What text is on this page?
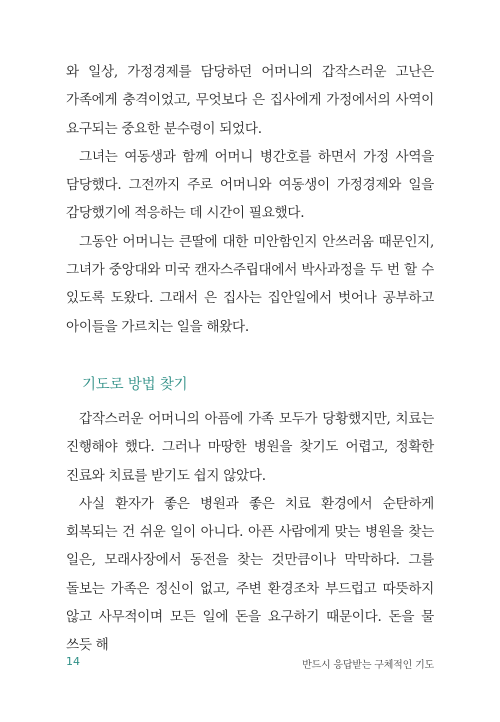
와 일상, 가정경제를 담당하던 어머니의 갑작스러운 고난은 가족에게 충격이었고, 무엇보다 은 집사에게 가정에서의 사역이 요구되는 중요한 분수령이 되었다.

그녀는 여동생과 함께 어머니 병간호를 하면서 가정 사역을 담당했다. 그전까지 주로 어머니와 여동생이 가정경제와 일을 감당했기에 적응하는 데 시간이 필요했다.

그동안 어머니는 큰딸에 대한 미안함인지 안쓰러움 때문인지, 그녀가 중앙대와 미국 캔자스주립대에서 박사과정을 두 번 할 수 있도록 도왔다. 그래서 은 집사는 집안일에서 벗어나 공부하고 아이들을 가르치는 일을 해왔다.

기도로 방법 찾기

갑작스러운 어머니의 아픔에 가족 모두가 당황했지만, 치료는 진행해야 했다. 그러나 마땅한 병원을 찾기도 어렵고, 정확한 진료와 치료를 받기도 쉽지 않았다.

사실 환자가 좋은 병원과 좋은 치료 환경에서 순탄하게 회복되는 건 쉬운 일이 아니다. 아픈 사람에게 맞는 병원을 찾는 일은, 모래사장에서 동전을 찾는 것만큼이나 막막하다. 그를 돌보는 가족은 정신이 없고, 주변 환경조차 부드럽고 따뜻하지 않고 사무적이며 모든 일에 돈을 요구하기 때문이다. 돈을 물 쓰듯 해

14	반드시 응답받는 구체적인 기도
